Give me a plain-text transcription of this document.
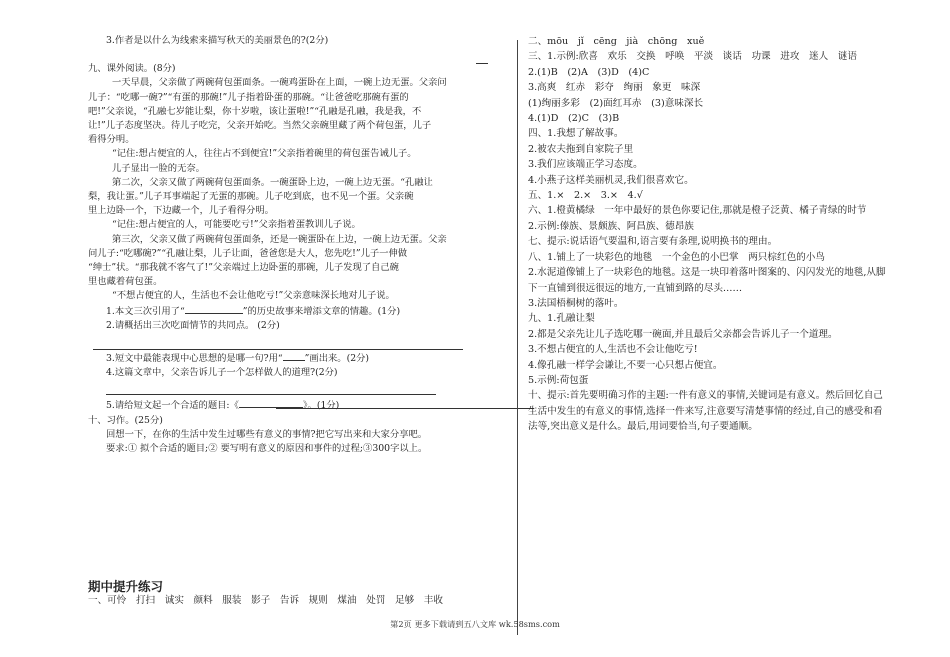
3.作者是以什么为线索来描写秋天的美丽景色的?(2分)

九、课外阅读。(8分)

一天早晨，父亲做了两碗荷包蛋面条。一碗鸡蛋卧在上面，一碗上边无蛋。父亲问

儿子：“吃哪一碗?”“有蛋的那碗!”儿子指着卧蛋的那碗。“让爸爸吃那碗有蛋的

吧!”父亲说，“孔融七岁能让梨，你十岁啦，该让蛋啦!”“孔融是孔融，我是我，不

让!”儿子态度坚决。待儿子吃完，父亲开始吃。当然父亲碗里藏了两个荷包蛋，儿子

看得分明。

“记住:想占便宜的人，往往占不到便宜!”父亲指着碗里的荷包蛋告诫儿子。

儿子显出一脸的无奈。

第二次，父亲又做了两碗荷包蛋面条。一碗蛋卧上边，一碗上边无蛋。“孔融让

梨，我让蛋。”儿子耳事端起了无蛋的那碗。儿子吃到底，也不见一个蛋。父亲碗

里上边卧一个，下边藏一个，儿子看得分明。

“记住:想占便宜的人，可能要吃亏!”父亲指着蛋教训儿子说。

第三次，父亲又做了两碗荷包蛋面条，还是一碗蛋卧在上边，一碗上边无蛋。父亲

问儿子:“吃哪碗?”“孔融让梨，儿子让面，爸爸您是大人，您先吃!”儿子一伸做

“绅士”状。“那我就不客气了!”父亲端过上边卧蛋的那碗，儿子发现了自己碗

里也藏着荷包蛋。

“不想占便宜的人，生活也不会让他吃亏!”父亲意味深长地对儿子说。

1.本文三次引用了“	”的历史故事来增添文章的情趣。(1分)

2.请概括出三次吃面情节的共同点。 (2分)

3.短文中最能表现中心思想的是哪一句?用“ ”画出来。(2分)

4.这篇文章中，父亲告诉儿子一个怎样做人的道理?(2分)

5.请给短文起一个合适的题目:《	》。(1分)

十、习作。(25分)

回想一下，在你的生活中发生过哪些有意义的事情?把它写出来和大家分享吧。

要求:① 拟个合适的题目;② 要写明有意义的原因和事件的过程;③300字以上。

二、mōu　jǐ　cēng　jià　chōng　xuě

三、1.示例:欣喜　欢乐　交换　呼唤　平淡　谈话　功课　进攻　迷人　谜语

2.(1)B　(2)A　(3)D　(4)C

3.高爽　红赤　彩夺　绚丽　象更　味深

(1)绚丽多彩　(2)面红耳赤　(3)意味深长

4.(1)D　(2)C　(3)B

四、1.我想了解故事。

2.被农夫拖到自家院子里

3.我们应该端正学习态度。

4.小燕子这样美丽机灵,我们很喜欢它。

五、1.×　2.×　3.×　4.√

六、1.橙黄橘绿　一年中最好的景色你要记住,那就是橙子泛黄、橘子青绿的时节

2.示例:傣族、景颇族、阿昌族、德昂族

七、提示:说话语气要温和,语言要有条理,说明换书的理由。

八、1.铺上了一块彩色的地毯　一个金色的小巴掌　两只棕红色的小鸟

2.水泥道像铺上了一块彩色的地毯。这是一块印着落叶图案的、闪闪发光的地毯,从脚

下一直铺到很远很远的地方,一直铺到路的尽头……

3.法国梧桐树的落叶。

九、1.孔融让梨

2.都是父亲先让儿子选吃哪一碗面,并且最后父亲都会告诉儿子一个道理。

3.不想占便宜的人,生活也不会让他吃亏!

4.像孔融一样学会谦让,不要一心只想占便宜。

5.示例:荷包蛋

十、提示:首先要明确习作的主题:一件有意义的事情,关键词是有意义。然后回忆自己

生活中发生的有意义的事情,选择一件来写,注意要写清楚事情的经过,自己的感受和看

法等,突出意义是什么。最后,用词要恰当,句子要通顺。

期中提升练习
一、可怜　打扫　诚实　颜料　服装　影子　告诉　规则　煤油　处罚　足够　丰收
第2页 更多下载请到五八文库 wk.58sms.com
